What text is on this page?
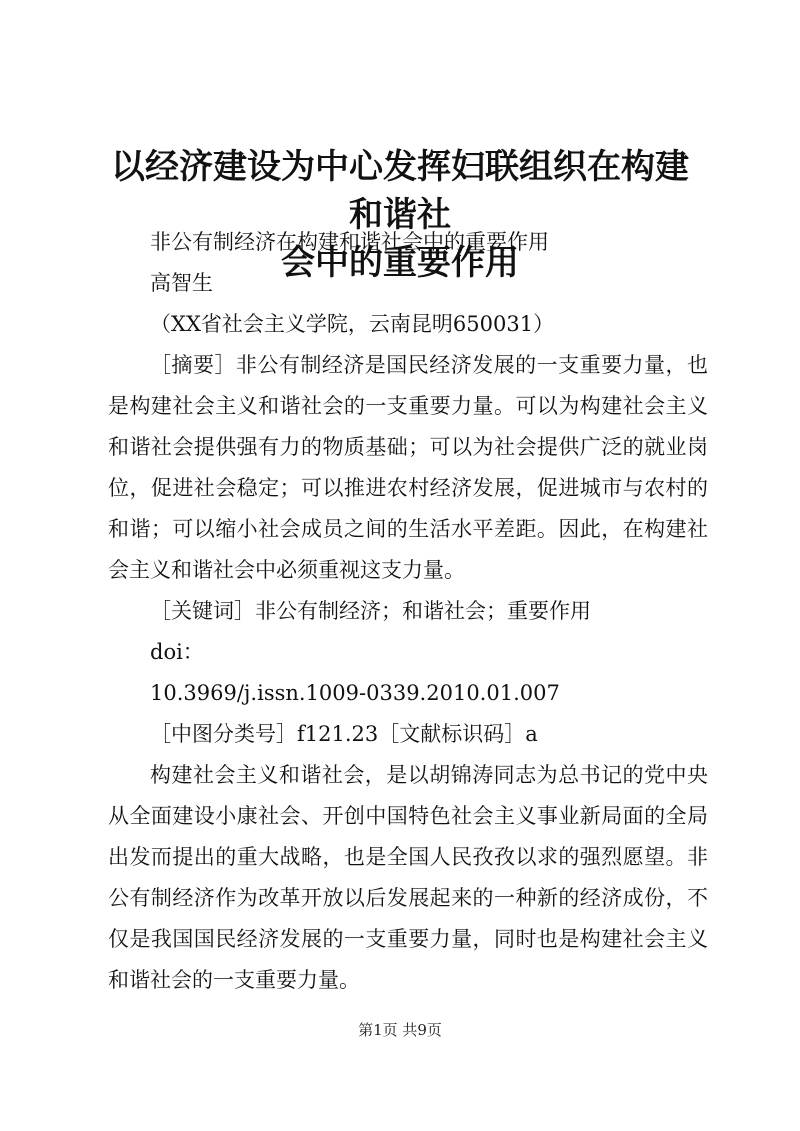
以经济建设为中心发挥妇联组织在构建和谐社
会中的重要作用
非公有制经济在构建和谐社会中的重要作用
高智生
（XX省社会主义学院，云南昆明650031）

［摘要］非公有制经济是国民经济发展的一支重要力量，也是构建社会主义和谐社会的一支重要力量。可以为构建社会主义和谐社会提供强有力的物质基础；可以为社会提供广泛的就业岗位，促进社会稳定；可以推进农村经济发展，促进城市与农村的和谐；可以缩小社会成员之间的生活水平差距。因此，在构建社会主义和谐社会中必须重视这支力量。

［关键词］非公有制经济；和谐社会；重要作用
doi：
10.3969/j.issn.1009-0339.2010.01.007
［中图分类号］f121.23［文献标识码］a

构建社会主义和谐社会，是以胡锦涛同志为总书记的党中央从全面建设小康社会、开创中国特色社会主义事业新局面的全局出发而提出的重大战略，也是全国人民孜孜以求的强烈愿望。非公有制经济作为改革开放以后发展起来的一种新的经济成份，不仅是我国国民经济发展的一支重要力量，同时也是构建社会主义和谐社会的一支重要力量。

第1页 共9页
